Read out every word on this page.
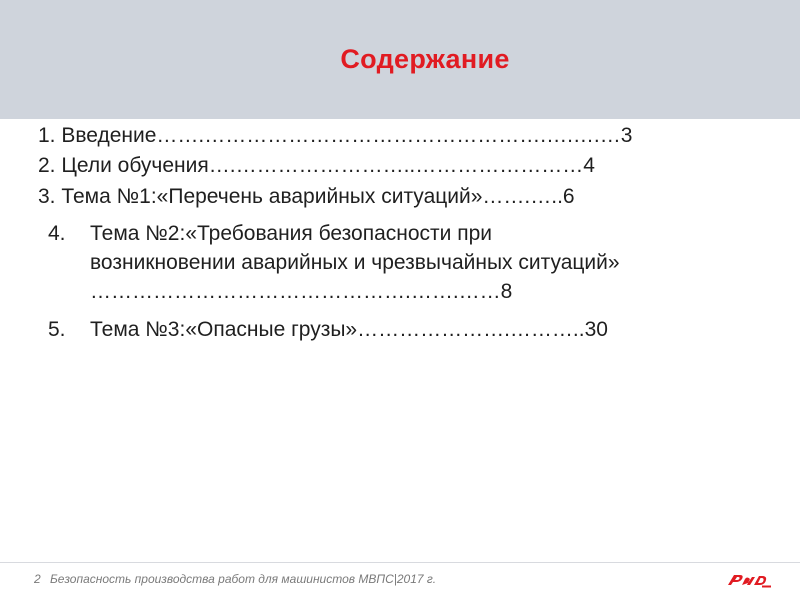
Содержание
1. Введение…….………………………………………….….….…3
2. Цели обучения….……………………..……………………4
3. Тема №1:«Перечень аварийных ситуаций»…….…..6
4. Тема №2:«Требования безопасности при
возникновении аварийных и чрезвычайных ситуаций»
……………………………………….…….……8
5. Тема №3:«Опасные грузы»………………….………..30
2 Безопасность производства работ для машинистов МВПС|2017 г.
